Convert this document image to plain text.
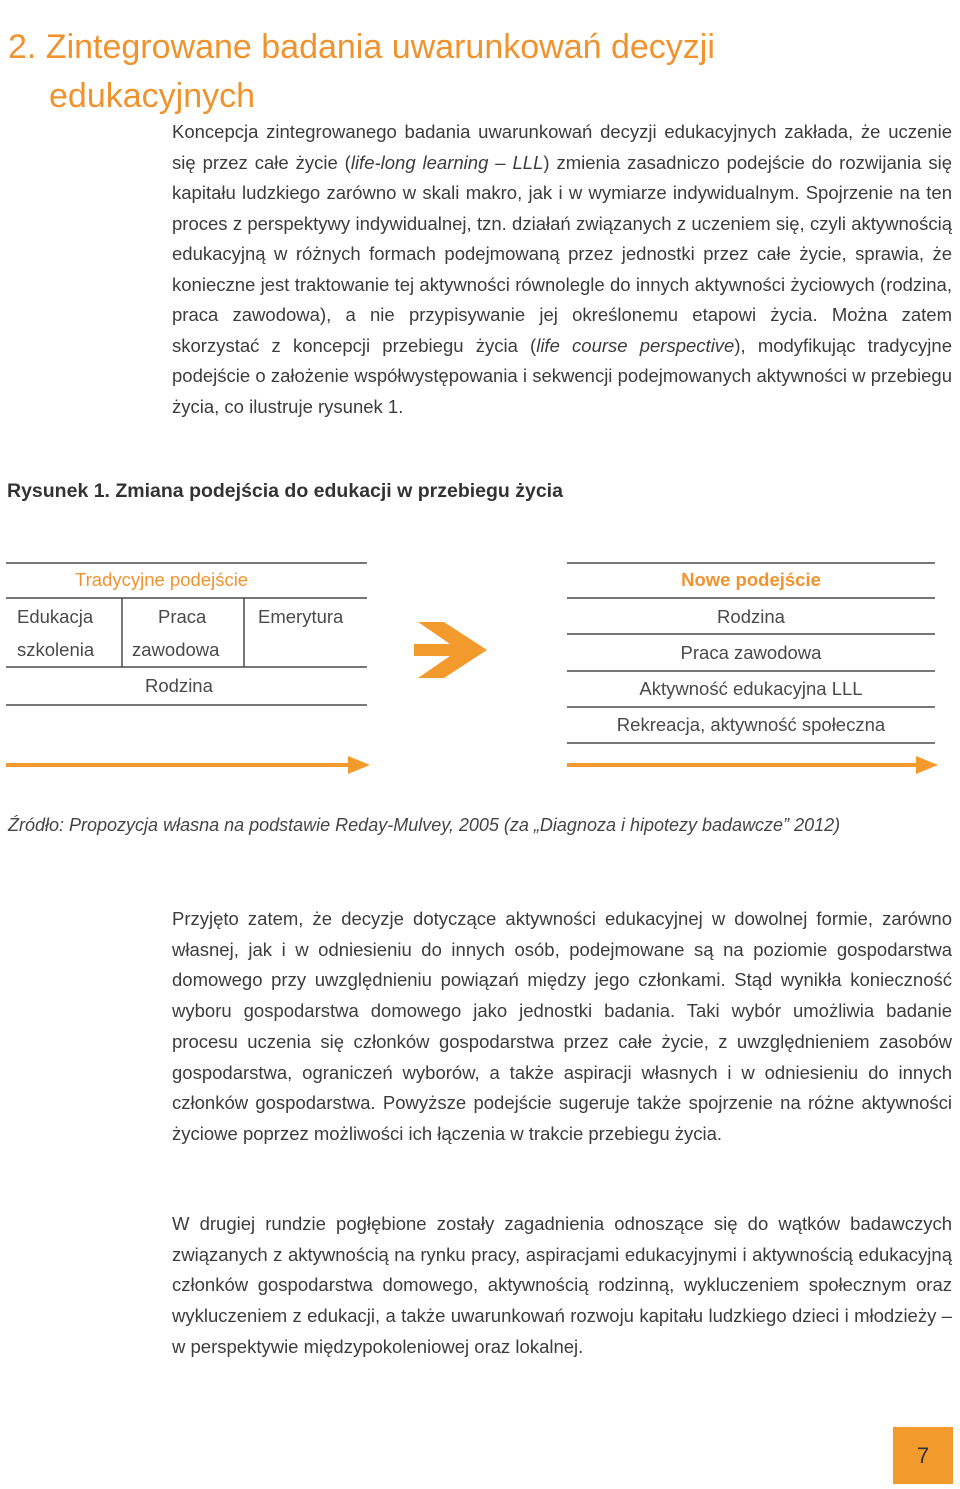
2. Zintegrowane badania uwarunkowań decyzji
edukacyjnych

Koncepcja zintegrowanego badania uwarunkowań decyzji edukacyjnych zakłada, że uczenie się przez całe życie (life-long learning – LLL) zmienia zasadniczo podejście do rozwijania się kapitału ludzkiego zarówno w skali makro, jak i w wymiarze indywidualnym. Spojrzenie na ten proces z perspektywy indywidualnej, tzn. działań związanych z uczeniem się, czyli aktywnością edukacyjną w różnych formach podejmowaną przez jednostki przez całe życie, sprawia, że konieczne jest traktowanie tej aktywności równolegle do innych aktywności życiowych (rodzina, praca zawodowa), a nie przypisywanie jej określonemu etapowi życia. Można zatem skorzystać z koncepcji przebiegu życia (life course perspective), modyfikując tradycyjne podejście o założenie współwystępowania i sekwencji podejmowanych aktywności w przebiegu życia, co ilustruje rysunek 1.

Rysunek 1. Zmiana podejścia do edukacji w przebiegu życia
Tradycyjne podejście
Edukacja
szkolenia
Praca
zawodowa
Emerytura
Rodzina
Nowe podejście
Rodzina
Praca zawodowa
Aktywność edukacyjna LLL
Rekreacja, aktywność społeczna
Źródło: Propozycja własna na podstawie Reday-Mulvey, 2005 (za „Diagnoza i hipotezy badawcze” 2012)

Przyjęto zatem, że decyzje dotyczące aktywności edukacyjnej w dowolnej formie, zarówno własnej, jak i w odniesieniu do innych osób, podejmowane są na poziomie gospodarstwa domowego przy uwzględnieniu powiązań między jego członkami. Stąd wynikła konieczność wyboru gospodarstwa domowego jako jednostki badania. Taki wybór umożliwia badanie procesu uczenia się członków gospodarstwa przez całe życie, z uwzględnieniem zasobów gospodarstwa, ograniczeń wyborów, a także aspiracji własnych i w odniesieniu do innych członków gospodarstwa. Powyższe podejście sugeruje także spojrzenie na różne aktywności życiowe poprzez możliwości ich łączenia w trakcie przebiegu życia.

W drugiej rundzie pogłębione zostały zagadnienia odnoszące się do wątków badawczych związanych z aktywnością na rynku pracy, aspiracjami edukacyjnymi i aktywnością edukacyjną członków gospodarstwa domowego, aktywnością rodzinną, wykluczeniem społecznym oraz wykluczeniem z edukacji, a także uwarunkowań rozwoju kapitału ludzkiego dzieci i młodzieży – w perspektywie międzypokoleniowej oraz lokalnej.

7
